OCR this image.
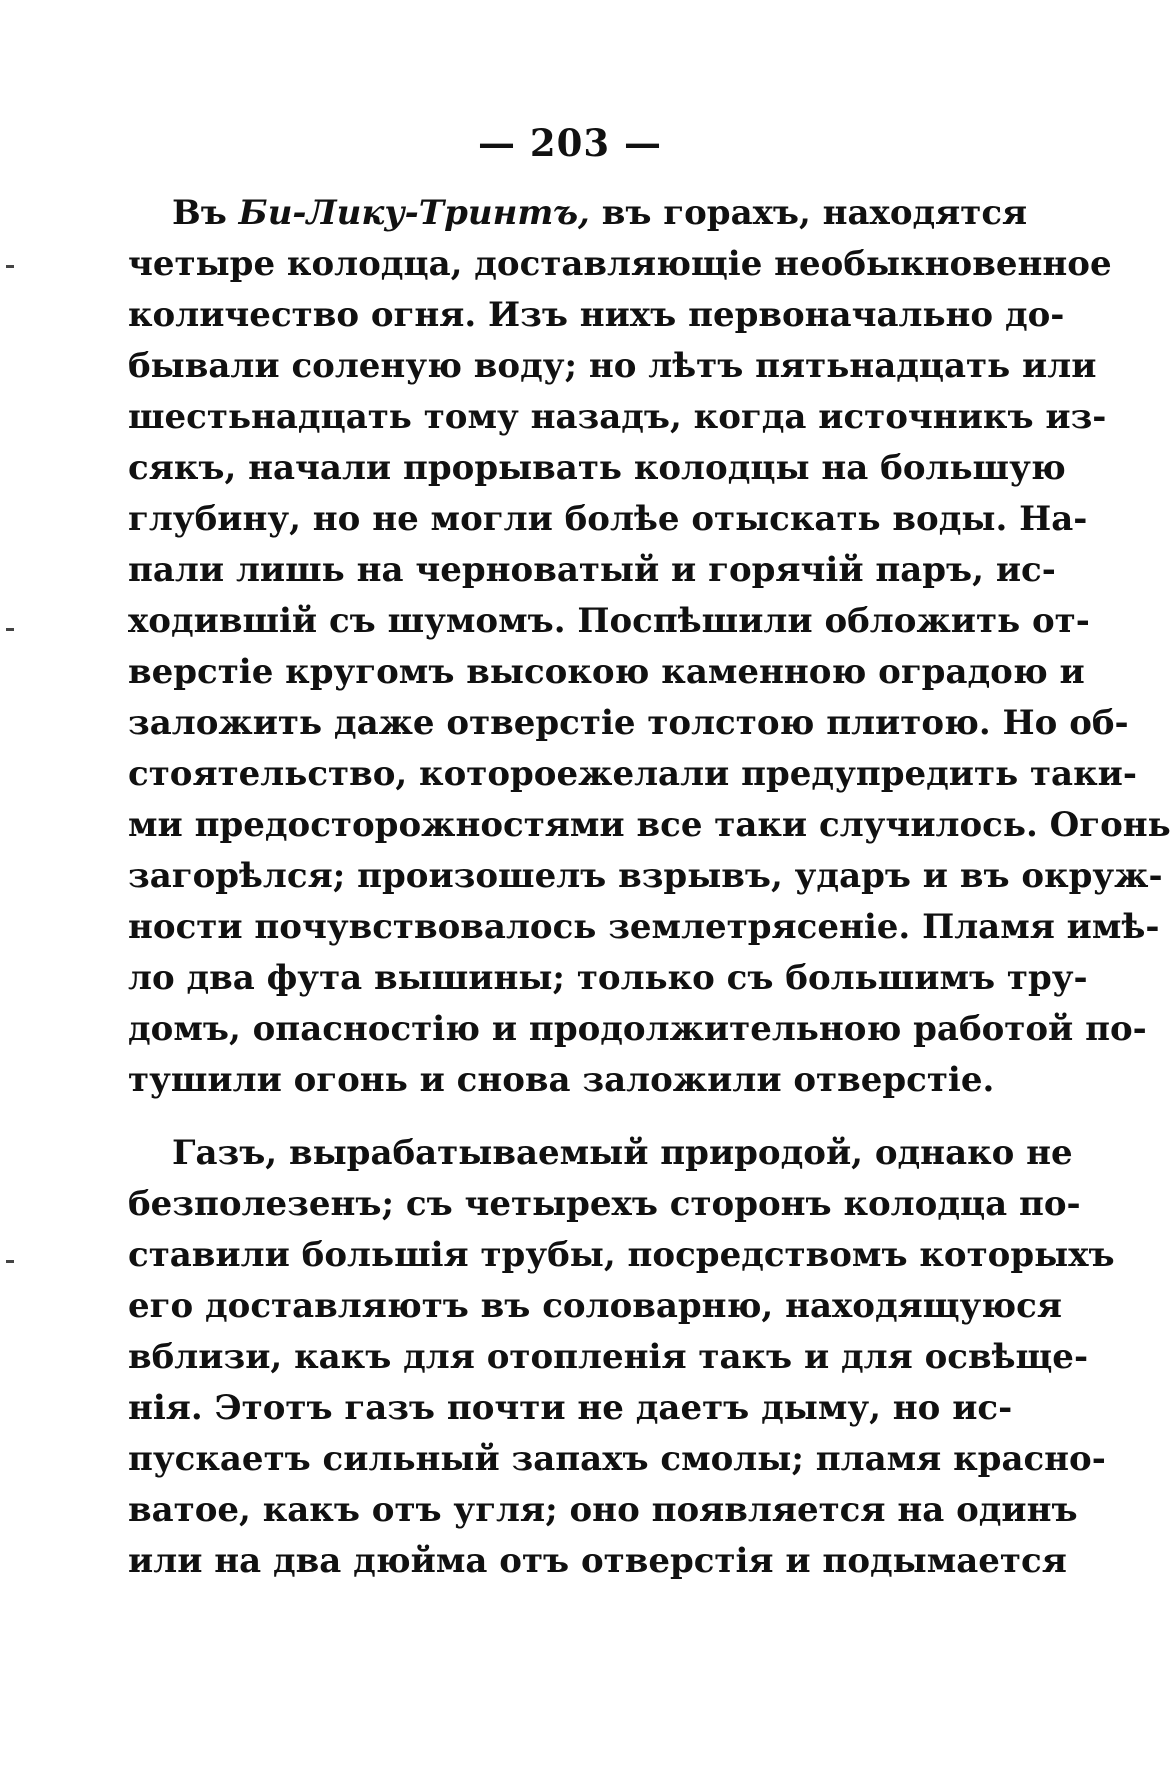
— 203 —
Въ Би-Лику-Тринтъ, въ горахъ, находятся
четыре колодца, доставляющіе необыкновенное
количество огня. Изъ нихъ первоначально до-
бывали соленую воду; но лѣтъ пятьнадцать или
шестьнадцать тому назадъ, когда источникъ из-
сякъ, начали прорывать колодцы на большую
глубину, но не могли болѣе отыскать воды. На-
пали лишь на черноватый и горячій паръ, ис-
ходившій съ шумомъ. Поспѣшили обложить от-
верстіе кругомъ высокою каменною оградою и
заложить даже отверстіе толстою плитою. Но об-
стоятельство, котороежелали предупредить таки-
ми предосторожностями все таки случилось. Огонь
загорѣлся; произошелъ взрывъ, ударъ и въ окруж-
ности почувствовалось землетрясеніе. Пламя имѣ-
ло два фута вышины; только съ большимъ тру-
домъ, опасностію и продолжительною работой по-
тушили огонь и снова заложили отверстіе.
Газъ, вырабатываемый природой, однако не
безполезенъ; съ четырехъ сторонъ колодца по-
ставили большія трубы, посредствомъ которыхъ
его доставляютъ въ соловарню, находящуюся
вблизи, какъ для отопленія такъ и для освѣще-
нія. Этотъ газъ почти не даетъ дыму, но ис-
пускаетъ сильный запахъ смолы; пламя красно-
ватое, какъ отъ угля; оно появляется на одинъ
или на два дюйма отъ отверстія и подымается
